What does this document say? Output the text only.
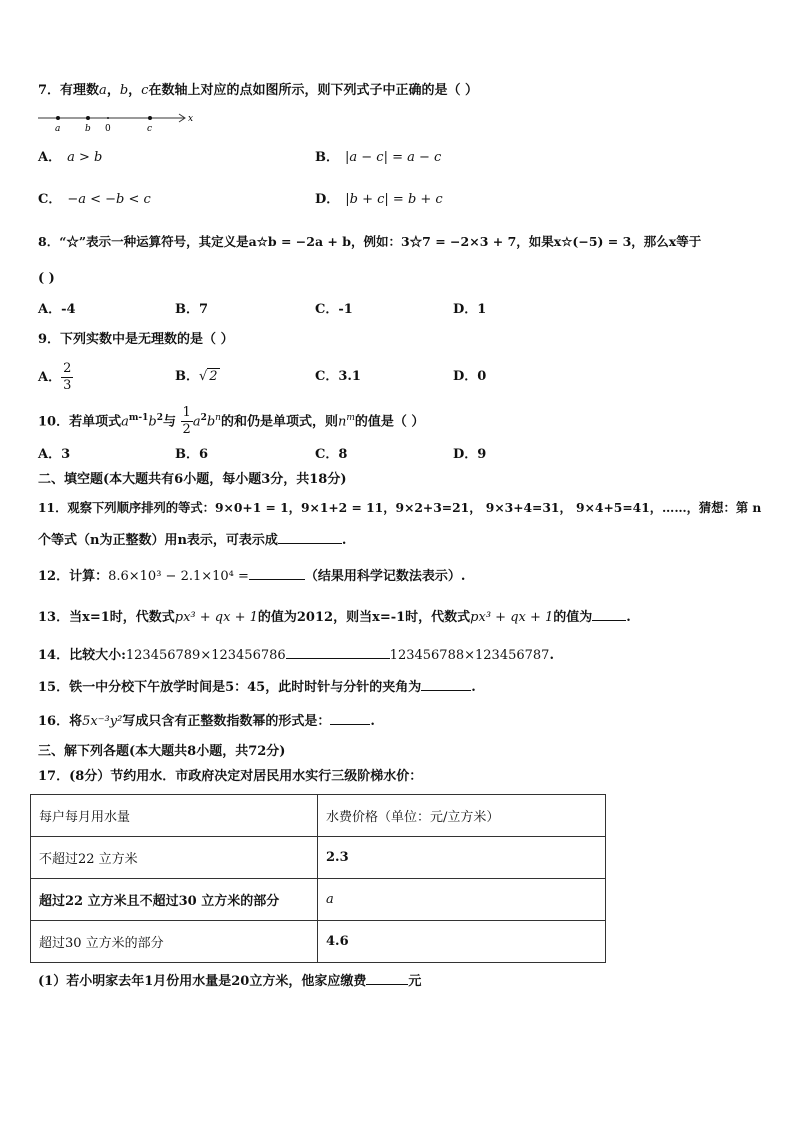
7．有理数a，b，c在数轴上对应的点如图所示，则下列式子中正确的是（ ）
a	b 0	c
x
A． a > b	B． |a − c| = a − c
C． −a < −b < c	D． |b + c| = b + c
8．“☆”表示一种运算符号，其定义是a☆b = −2a + b，例如：3☆7 = −2×3 + 7，如果x☆(−5) = 3，那么x等于
( )
A．-4	B．7	C．-1	D．1
9．下列实数中是无理数的是（ ）
A． $\frac{2}{3}$	B．√ 2	C．3.1	D．0
10．若单项式$a^{m-1}b^2$与 $\frac{1}{2} a^2b^n$的和仍是单项式，则$n^m$的值是（ ）
A．3	B．6	C．8	D．9
二、填空题(本大题共有6小题，每小题3分，共18分)
11．观察下列顺序排列的等式：9×0+1 = 1，9×1+2 = 11，9×2+3=21， 9×3+4=31， 9×4+5=41，……，猜想：第 n
个等式（n为正整数）用n表示，可表示成	.
12．计算：8.6×10³ − 2.1×10⁴ =	（结果用科学记数法表示）.
13．当x=1时，代数式px³ + qx + 1的值为2012，则当x=-1时，代数式px³ + qx + 1的值为	.
14．比较大小:123456789×123456786	123456788×123456787.
15．铁一中分校下午放学时间是5：45，此时时针与分针的夹角为	.
16．将5x⁻³y²写成只含有正整数指数幂的形式是：	.
三、解下列各题(本大题共8小题，共72分)
17．(8分）节约用水．市政府决定对居民用水实行三级阶梯水价：
每户每月用水量	水费价格（单位：元/立方米）
不超过22 立方米	2.3
超过22 立方米且不超过30 立方米的部分	a
超过30 立方米的部分	4.6
(1）若小明家去年1月份用水量是20立方米，他家应缴费	元
